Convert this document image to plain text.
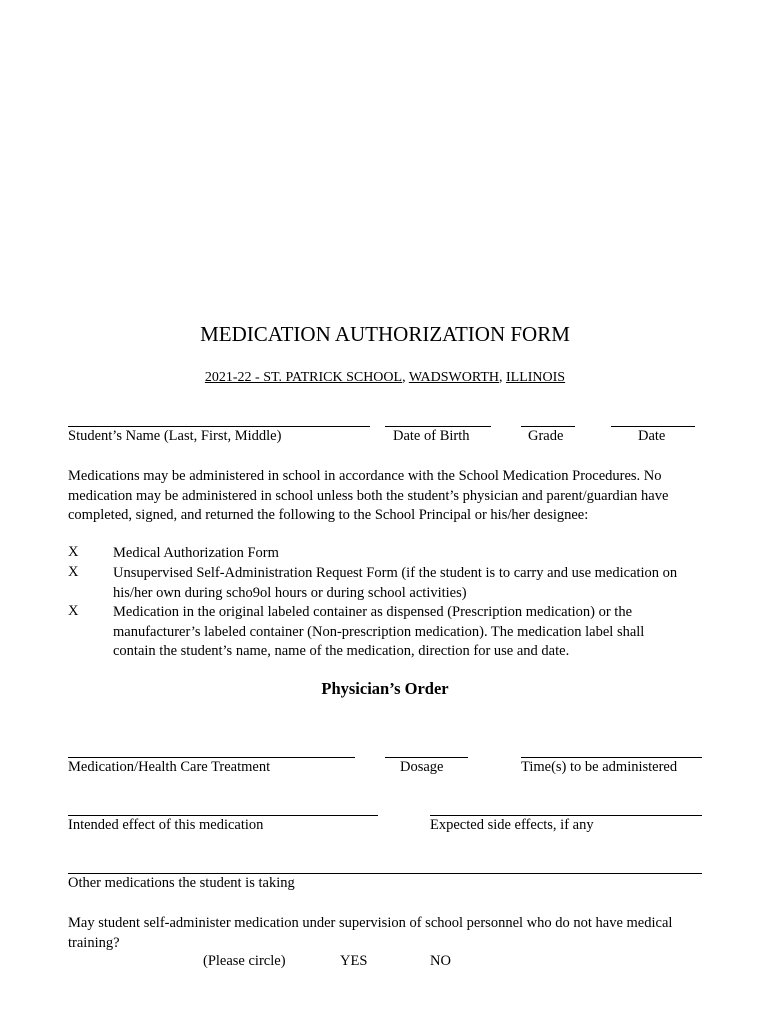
MEDICATION AUTHORIZATION FORM
2021-22 - ST. PATRICK SCHOOL, WADSWORTH, ILLINOIS
Student’s Name (Last, First, Middle)	Date of Birth	Grade	Date
Medications may be administered in school in accordance with the School Medication Procedures. No medication may be administered in school unless both the student’s physician and parent/guardian have completed, signed, and returned the following to the School Principal or his/her designee:
X Medical Authorization Form
X Unsupervised Self-Administration Request Form (if the student is to carry and use medication on his/her own during scho9ol hours or during school activities)
X Medication in the original labeled container as dispensed (Prescription medication) or the manufacturer’s labeled container (Non-prescription medication). The medication label shall contain the student’s name, name of the medication, direction for use and date.
Physician’s Order
Medication/Health Care Treatment	Dosage	Time(s) to be administered
Intended effect of this medication	Expected side effects, if any
Other medications the student is taking
May student self-administer medication under supervision of school personnel who do not have medical training?
(Please circle)	YES	NO
